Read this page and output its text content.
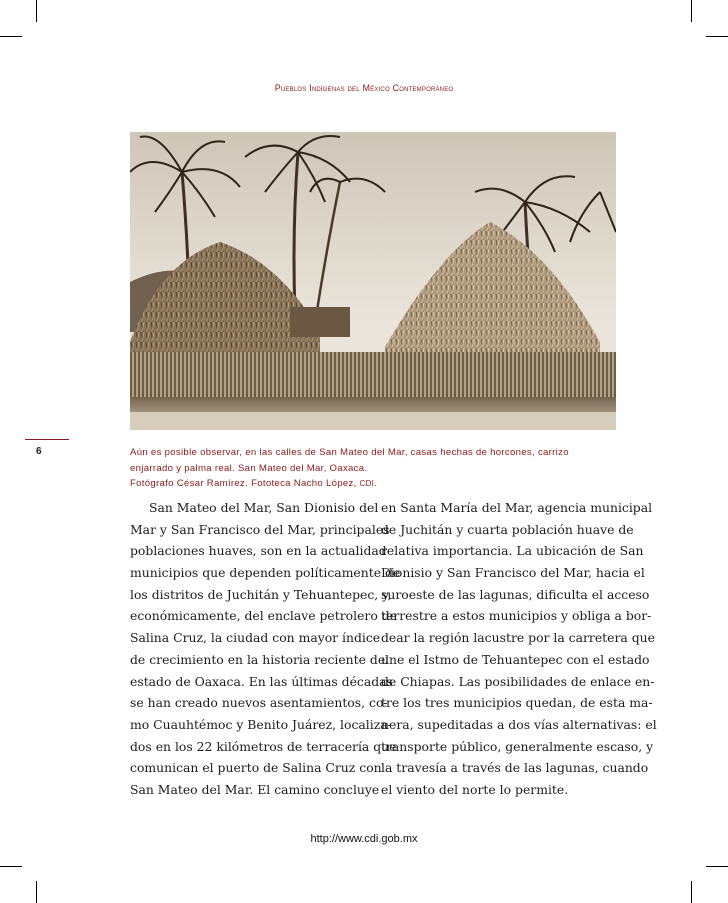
Pueblos Indígenas del México Contemporáneo
6	Aún es posible observar, en las calles de San Mateo del Mar, casas hechas de horcones, carrizo
enjarrado y palma real. San Mateo del Mar, Oaxaca.
Fotógrafo César Ramírez. Fototeca Nacho López, CDI.
San Mateo del Mar, San Dionisio del
Mar y San Francisco del Mar, principales
poblaciones huaves, son en la actualidad
municipios que dependen políticamente de
los distritos de Juchitán y Tehuantepec, y,
económicamente, del enclave petrolero de
Salina Cruz, la ciudad con mayor índice
de crecimiento en la historia reciente del
estado de Oaxaca. En las últimas décadas
se han creado nuevos asentamientos, co-
mo Cuauhtémoc y Benito Juárez, localiza-
dos en los 22 kilómetros de terracería que
comunican el puerto de Salina Cruz con
San Mateo del Mar. El camino concluye
en Santa María del Mar, agencia municipal
de Juchitán y cuarta población huave de
relativa importancia. La ubicación de San
Dionisio y San Francisco del Mar, hacia el
suroeste de las lagunas, dificulta el acceso
terrestre a estos municipios y obliga a bor-
dear la región lacustre por la carretera que
une el Istmo de Tehuantepec con el estado
de Chiapas. Las posibilidades de enlace en-
tre los tres municipios quedan, de esta ma-
nera, supeditadas a dos vías alternativas: el
transporte público, generalmente escaso, y
la travesía a través de las lagunas, cuando
el viento del norte lo permite.
http://www.cdi.gob.mx
